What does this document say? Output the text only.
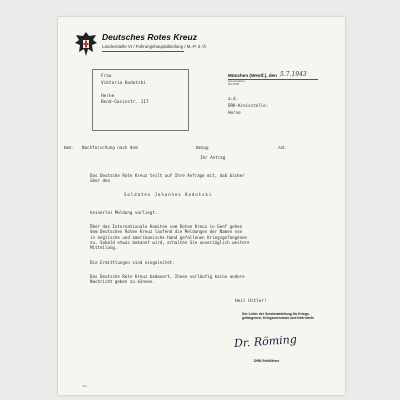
Deutsches Rotes Kreuz
Landesstelle VI / Führungshauptabteilung / M.-P. 2 /b
Frau
Viktoria Kodotski

Herne
Bend-Gasinstr. 117
München (Westf.), den 5.7.1943
Sonnenstraße 4
Ruf 47000
a.d.
DRK-Kreisstelle:
Herne
Betr.: Nachforschung nach dem	Bezug:	Anl.:
Ihr Antrag
Das Deutsche Rote Kreuz teilt auf Ihre Anfrage mit, daß bisher
über den
Soldaten Johannes Kodotski
keinerlei Meldung vorliegt.
Über das Internationale Komitee vom Roten Kreuz in Genf gehen
dem Deutschen Roten Kreuz laufend die Meldungen der Namen von
in englische und amerikanische Hand gefallenen Kriegsgefangenen
zu. Sobald etwas bekannt wird, erhalten Sie unverzüglich weitere
Mitteilung.
Die Ermittlungen sind eingeleitet.
Das Deutsche Rote Kreuz bedauert, Ihnen vorläufig keine andere
Nachricht geben zu können.
Heil Hitler!
Der Leiter der Sonderabteilung für Kriegs-gefangenen, Kriegsvermisste und Internierte
Dr. Röming
DRK-Feldführer
7/41
